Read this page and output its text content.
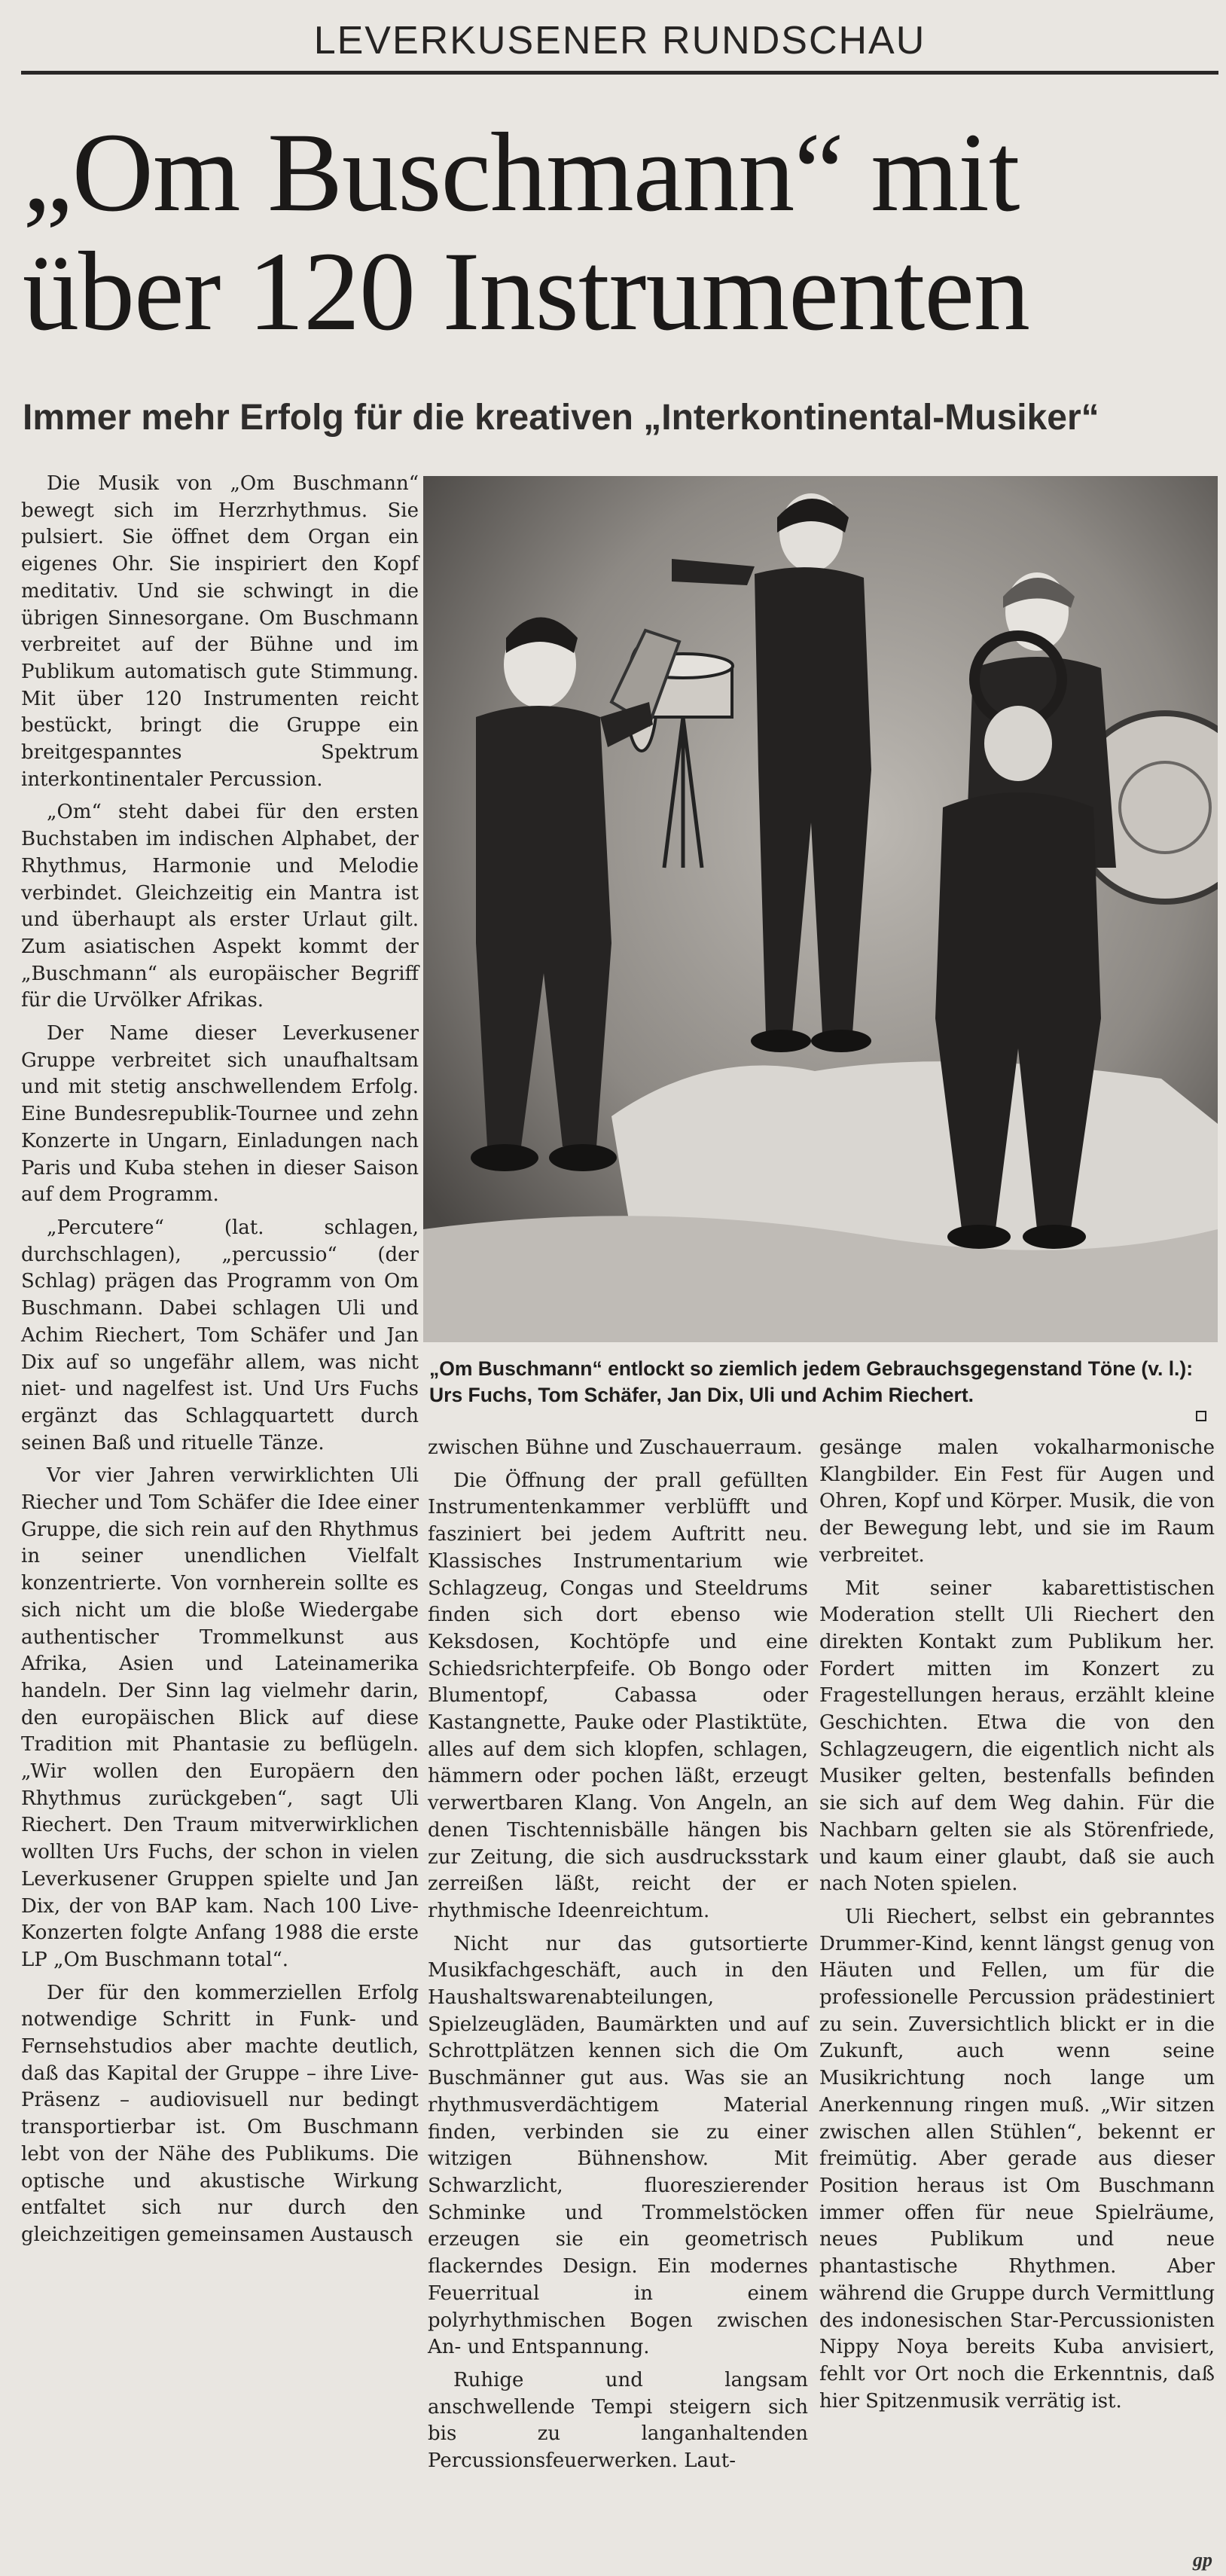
LEVERKUSENER RUNDSCHAU
„Om Buschmann“ mit
über 120 Instrumenten
Immer mehr Erfolg für die kreativen „Interkontinental-Musiker“

Die Musik von „Om Buschmann“ bewegt sich im Herzrhythmus. Sie pulsiert. Sie öffnet dem Organ ein eigenes Ohr. Sie inspiriert den Kopf meditativ. Und sie schwingt in die übrigen Sinnesorgane. Om Buschmann verbreitet auf der Bühne und im Publikum automatisch gute Stimmung. Mit über 120 Instrumenten reicht bestückt, bringt die Gruppe ein breitgespanntes Spektrum interkontinentaler Percussion.

„Om“ steht dabei für den ersten Buchstaben im indischen Alphabet, der Rhythmus, Harmonie und Melodie verbindet. Gleichzeitig ein Mantra ist und überhaupt als erster Urlaut gilt. Zum asiatischen Aspekt kommt der „Buschmann“ als europäischer Begriff für die Urvölker Afrikas.

Der Name dieser Leverkusener Gruppe verbreitet sich unaufhaltsam und mit stetig anschwellendem Erfolg. Eine Bundesrepublik-Tournee und zehn Konzerte in Ungarn, Einladungen nach Paris und Kuba stehen in dieser Saison auf dem Programm.

„Percutere“ (lat. schlagen, durchschlagen), „percussio“ (der Schlag) prägen das Programm von Om Buschmann. Dabei schlagen Uli und Achim Riechert, Tom Schäfer und Jan Dix auf so ungefähr allem, was nicht niet- und nagelfest ist. Und Urs Fuchs ergänzt das Schlagquartett durch seinen Baß und rituelle Tänze.

Vor vier Jahren verwirklichten Uli Riecher und Tom Schäfer die Idee einer Gruppe, die sich rein auf den Rhythmus in seiner unendlichen Vielfalt konzentrierte. Von vornherein sollte es sich nicht um die bloße Wiedergabe authentischer Trommelkunst aus Afrika, Asien und Lateinamerika handeln. Der Sinn lag vielmehr darin, den europäischen Blick auf diese Tradition mit Phantasie zu beflügeln. „Wir wollen den Europäern den Rhythmus zurückgeben“, sagt Uli Riechert. Den Traum mitverwirklichen wollten Urs Fuchs, der schon in vielen Leverkusener Gruppen spielte und Jan Dix, der von BAP kam. Nach 100 Live-Konzerten folgte Anfang 1988 die erste LP „Om Buschmann total“.

Der für den kommerziellen Erfolg notwendige Schritt in Funk- und Fernsehstudios aber machte deutlich, daß das Kapital der Gruppe – ihre Live-Präsenz – audiovisuell nur bedingt transportierbar ist. Om Buschmann lebt von der Nähe des Publikums. Die optische und akustische Wirkung entfaltet sich nur durch den gleichzeitigen gemeinsamen Austausch

„Om Buschmann“ entlockt so ziemlich jedem Gebrauchsgegenstand Töne (v. l.): Urs Fuchs, Tom Schäfer, Jan Dix, Uli und Achim Riechert.

zwischen Bühne und Zuschauerraum.

Die Öffnung der prall gefüllten Instrumentenkammer verblüfft und fasziniert bei jedem Auftritt neu. Klassisches Instrumentarium wie Schlagzeug, Congas und Steeldrums finden sich dort ebenso wie Keksdosen, Kochtöpfe und eine Schiedsrichterpfeife. Ob Bongo oder Blumentopf, Cabassa oder Kastangnette, Pauke oder Plastiktüte, alles auf dem sich klopfen, schlagen, hämmern oder pochen läßt, erzeugt verwertbaren Klang. Von Angeln, an denen Tischtennisbälle hängen bis zur Zeitung, die sich ausdrucksstark zerreißen läßt, reicht der er rhythmische Ideenreichtum.

Nicht nur das gutsortierte Musikfachgeschäft, auch in den Haushaltswarenabteilungen, Spielzeugläden, Baumärkten und auf Schrottplätzen kennen sich die Om Buschmänner gut aus. Was sie an rhythmusverdächtigem Material finden, verbinden sie zu einer witzigen Bühnenshow. Mit Schwarzlicht, fluoreszierender Schminke und Trommelstöcken erzeugen sie ein geometrisch flackerndes Design. Ein modernes Feuerritual in einem polyrhythmischen Bogen zwischen An- und Entspannung.

Ruhige und langsam anschwellende Tempi steigern sich bis zu langanhaltenden Percussionsfeuerwerken. Laut-

gesänge malen vokalharmonische Klangbilder. Ein Fest für Augen und Ohren, Kopf und Körper. Musik, die von der Bewegung lebt, und sie im Raum verbreitet.

Mit seiner kabarettistischen Moderation stellt Uli Riechert den direkten Kontakt zum Publikum her. Fordert mitten im Konzert zu Fragestellungen heraus, erzählt kleine Geschichten. Etwa die von den Schlagzeugern, die eigentlich nicht als Musiker gelten, bestenfalls befinden sie sich auf dem Weg dahin. Für die Nachbarn gelten sie als Störenfriede, und kaum einer glaubt, daß sie auch nach Noten spielen.

Uli Riechert, selbst ein gebranntes Drummer-Kind, kennt längst genug von Häuten und Fellen, um für die professionelle Percussion prädestiniert zu sein. Zuversichtlich blickt er in die Zukunft, auch wenn seine Musikrichtung noch lange um Anerkennung ringen muß. „Wir sitzen zwischen allen Stühlen“, bekennt er freimütig. Aber gerade aus dieser Position heraus ist Om Buschmann immer offen für neue Spielräume, neues Publikum und neue phantastische Rhythmen. Aber während die Gruppe durch Vermittlung des indonesischen Star-Percussionisten Nippy Noya bereits Kuba anvisiert, fehlt vor Ort noch die Erkenntnis, daß hier Spitzenmusik verrätig ist.

gp
